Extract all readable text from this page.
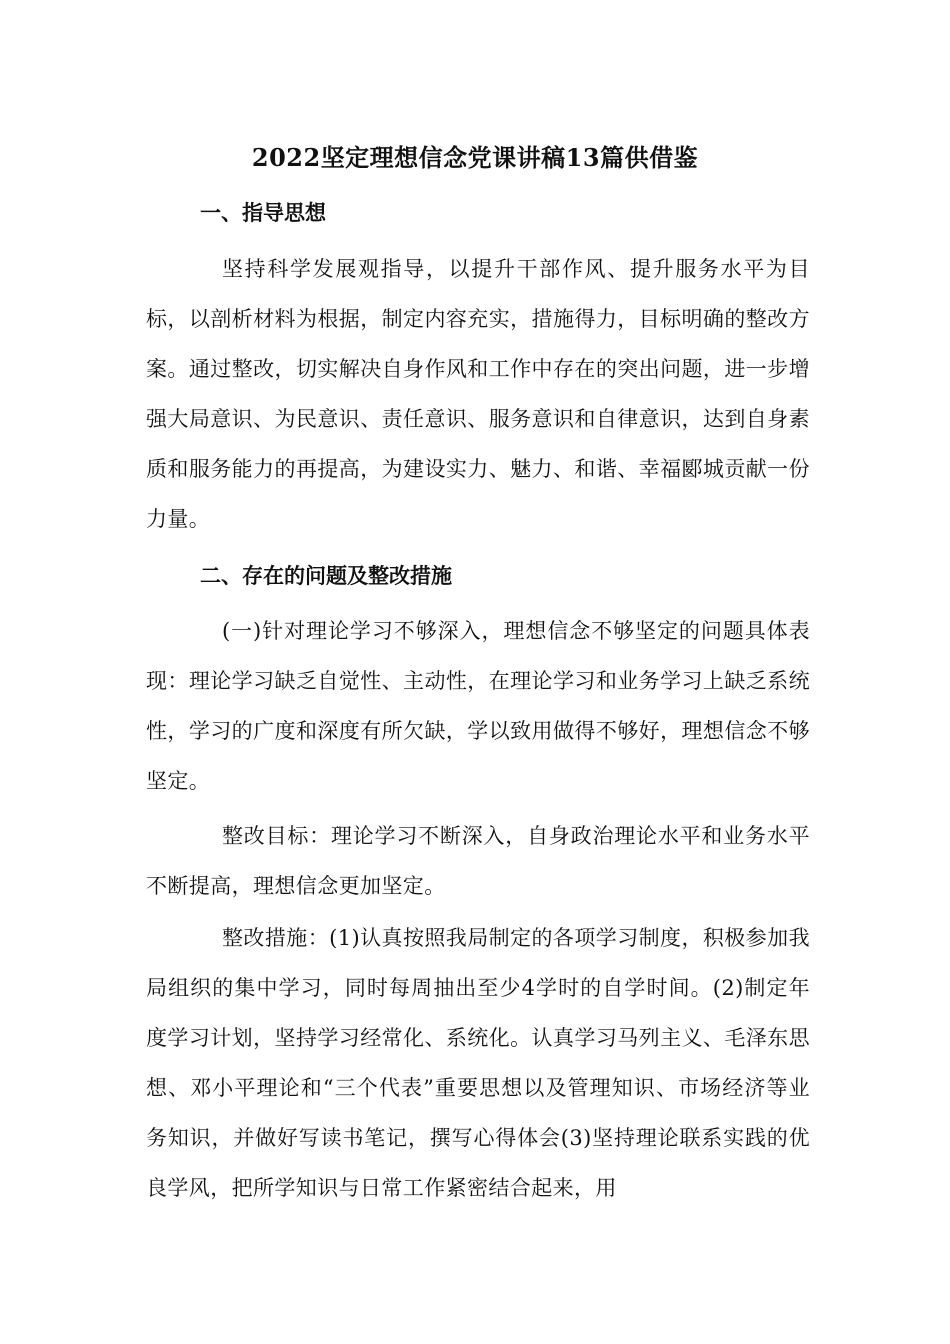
2022坚定理想信念党课讲稿13篇供借鉴
一、指导思想
坚持科学发展观指导，以提升干部作风、提升服务水平为目标，以剖析材料为根据，制定内容充实，措施得力，目标明确的整改方案。通过整改，切实解决自身作风和工作中存在的突出问题，进一步增强大局意识、为民意识、责任意识、服务意识和自律意识，达到自身素质和服务能力的再提高，为建设实力、魅力、和谐、幸福郾城贡献一份力量。
二、存在的问题及整改措施
(一)针对理论学习不够深入，理想信念不够坚定的问题具体表现：理论学习缺乏自觉性、主动性，在理论学习和业务学习上缺乏系统性，学习的广度和深度有所欠缺，学以致用做得不够好，理想信念不够坚定。
整改目标：理论学习不断深入，自身政治理论水平和业务水平不断提高，理想信念更加坚定。
整改措施：(1)认真按照我局制定的各项学习制度，积极参加我局组织的集中学习，同时每周抽出至少4学时的自学时间。(2)制定年度学习计划，坚持学习经常化、系统化。认真学习马列主义、毛泽东思想、邓小平理论和“三个代表”重要思想以及管理知识、市场经济等业务知识，并做好写读书笔记，撰写心得体会(3)坚持理论联系实践的优良学风，把所学知识与日常工作紧密结合起来，用
